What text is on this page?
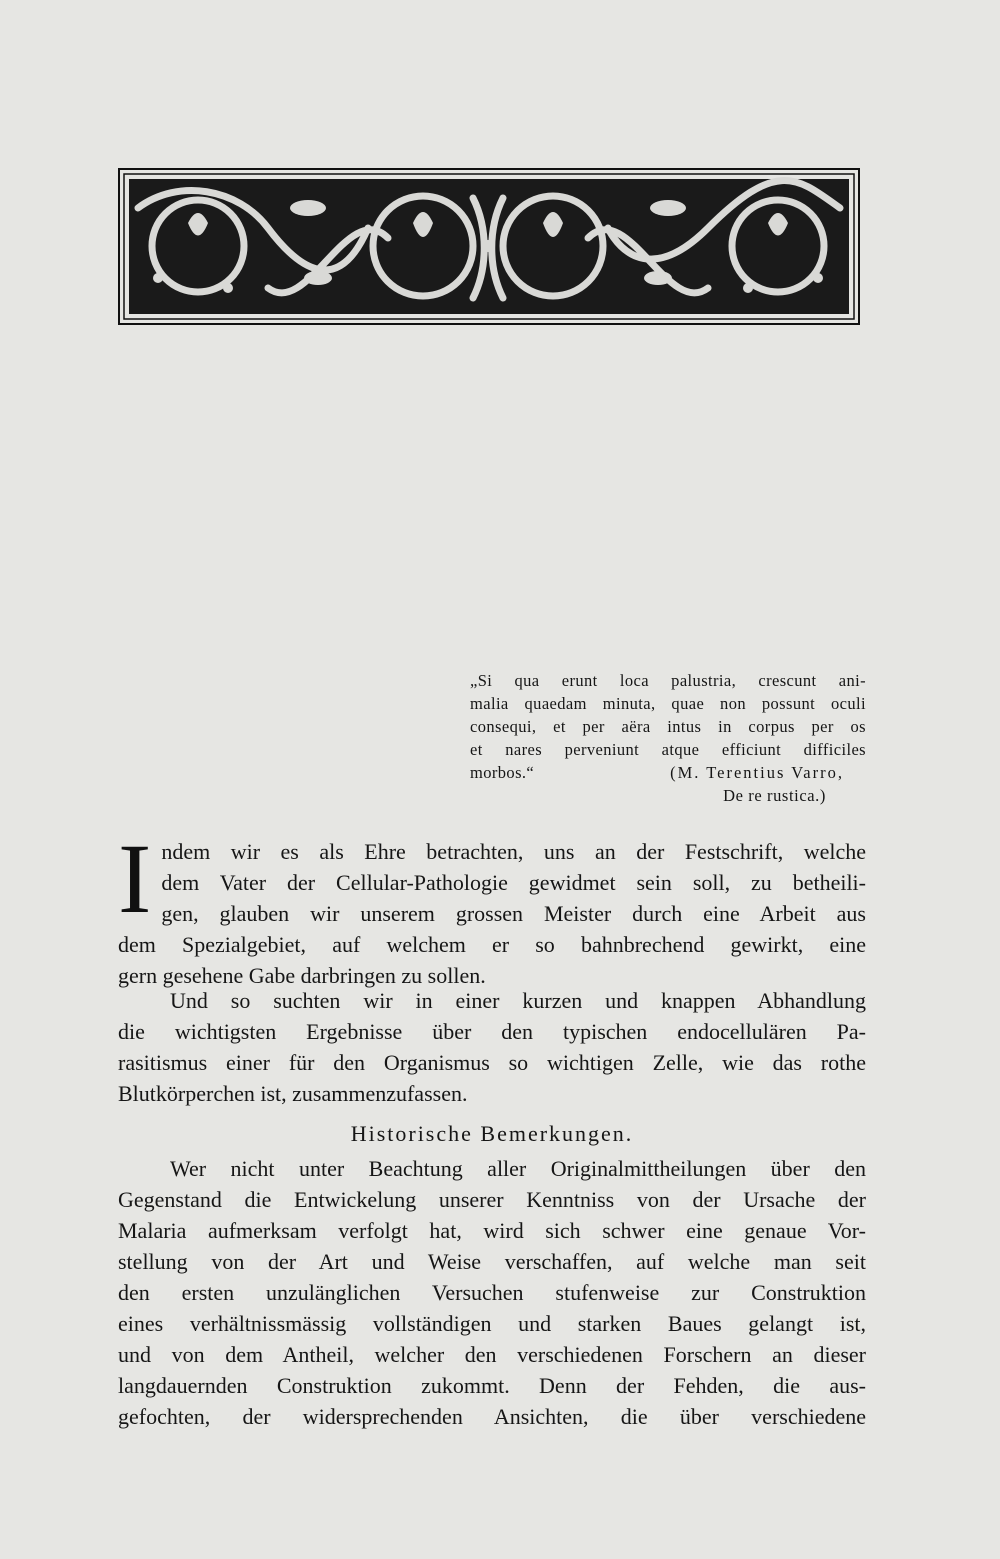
„Si qua erunt loca palustria, crescunt ani-
malia quaedam minuta, quae non possunt oculi
consequi, et per aëra intus in corpus per os
et nares perveniunt atque efficiunt difficiles
morbos.“	(M. Terentius Varro,
De re rustica.)
I ndem wir es als Ehre betrachten, uns an der Festschrift, welche
dem Vater der Cellular-Pathologie gewidmet sein soll, zu betheili-
gen, glauben wir unserem grossen Meister durch eine Arbeit aus
dem Spezialgebiet, auf welchem er so bahnbrechend gewirkt, eine
gern gesehene Gabe darbringen zu sollen.
Und so suchten wir in einer kurzen und knappen Abhandlung
die wichtigsten Ergebnisse über den typischen endocellulären Pa-
rasitismus einer für den Organismus so wichtigen Zelle, wie das rothe
Blutkörperchen ist, zusammenzufassen.
Historische Bemerkungen.
Wer nicht unter Beachtung aller Originalmittheilungen über den
Gegenstand die Entwickelung unserer Kenntniss von der Ursache der
Malaria aufmerksam verfolgt hat, wird sich schwer eine genaue Vor-
stellung von der Art und Weise verschaffen, auf welche man seit
den ersten unzulänglichen Versuchen stufenweise zur Construktion
eines verhältnissmässig vollständigen und starken Baues gelangt ist,
und von dem Antheil, welcher den verschiedenen Forschern an dieser
langdauernden Construktion zukommt. Denn der Fehden, die aus-
gefochten, der widersprechenden Ansichten, die über verschiedene
